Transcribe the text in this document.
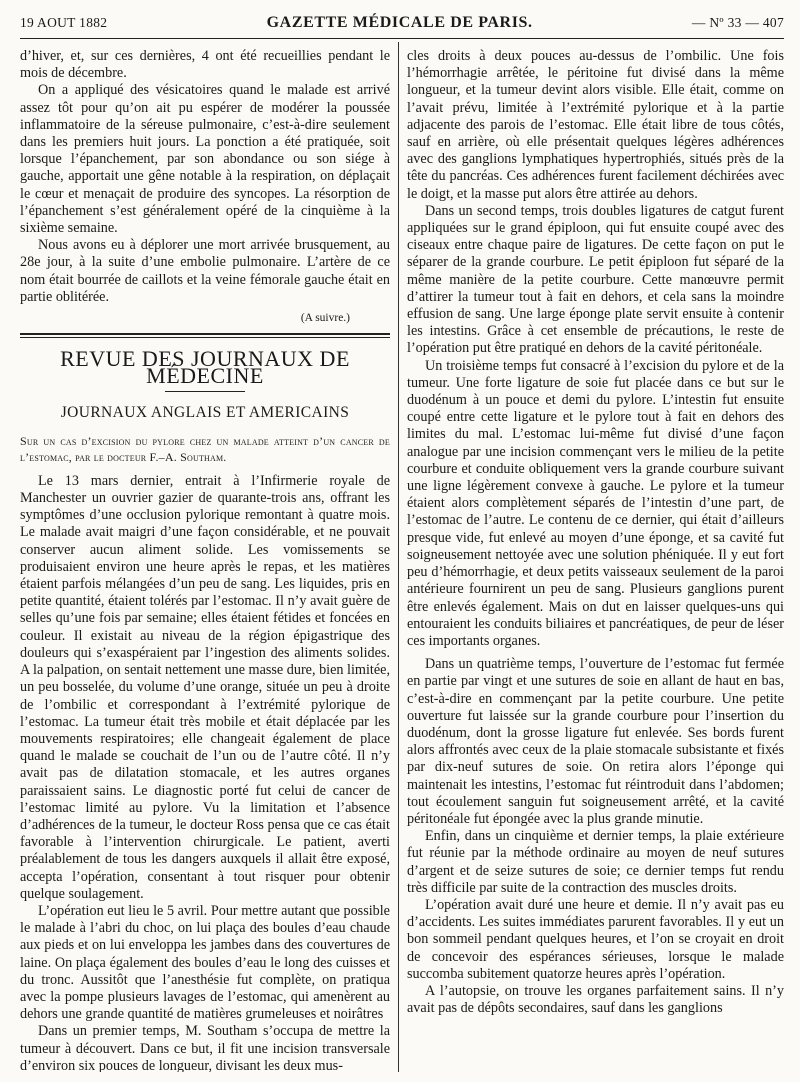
19 AOUT 1882	GAZETTE MÉDICALE DE PARIS.	— Nº 33 — 407

d’hiver, et, sur ces dernières, 4 ont été recueillies pendant le mois de décembre.

On a appliqué des vésicatoires quand le malade est arrivé assez tôt pour qu’on ait pu espérer de modérer la poussée inflammatoire de la séreuse pulmonaire, c’est-à-dire seulement dans les premiers huit jours. La ponction a été pratiquée, soit lorsque l’épanchement, par son abondance ou son siége à gauche, apportait une gêne notable à la respiration, on déplaçait le cœur et menaçait de produire des syncopes. La résorption de l’épanchement s’est généralement opéré de la cinquième à la sixième semaine.

Nous avons eu à déplorer une mort arrivée brusquement, au 28e jour, à la suite d’une embolie pulmonaire. L’artère de ce nom était bourrée de caillots et la veine fémorale gauche était en partie oblitérée.

(A suivre.)
REVUE DES JOURNAUX DE MÉDECINE
JOURNAUX ANGLAIS ET AMERICAINS
Sur un cas d’excision du pylore chez un malade atteint d’un cancer de l’estomac, par le docteur F.–A. Southam.

Le 13 mars dernier, entrait à l’Infirmerie royale de Manchester un ouvrier gazier de quarante-trois ans, offrant les symptômes d’une occlusion pylorique remontant à quatre mois. Le malade avait maigri d’une façon considérable, et ne pouvait conserver aucun aliment solide. Les vomissements se produisaient environ une heure après le repas, et les matières étaient parfois mélangées d’un peu de sang. Les liquides, pris en petite quantité, étaient tolérés par l’estomac. Il n’y avait guère de selles qu’une fois par semaine; elles étaient fétides et foncées en couleur. Il existait au niveau de la région épigastrique des douleurs qui s’exaspéraient par l’ingestion des aliments solides. A la palpation, on sentait nettement une masse dure, bien limitée, un peu bosselée, du volume d’une orange, située un peu à droite de l’ombilic et correspondant à l’extrémité pylorique de l’estomac. La tumeur était très mobile et était déplacée par les mouvements respiratoires; elle changeait également de place quand le malade se couchait de l’un ou de l’autre côté. Il n’y avait pas de dilatation stomacale, et les autres organes paraissaient sains. Le diagnostic porté fut celui de cancer de l’estomac limité au pylore. Vu la limitation et l’absence d’adhérences de la tumeur, le docteur Ross pensa que ce cas était favorable à l’intervention chirurgicale. Le patient, averti préalablement de tous les dangers auxquels il allait être exposé, accepta l’opération, consentant à tout risquer pour obtenir quelque soulagement.

L’opération eut lieu le 5 avril. Pour mettre autant que possible le malade à l’abri du choc, on lui plaça des boules d’eau chaude aux pieds et on lui enveloppa les jambes dans des couvertures de laine. On plaça également des boules d’eau le long des cuisses et du tronc. Aussitôt que l’anesthésie fut complète, on pratiqua avec la pompe plusieurs lavages de l’estomac, qui amenèrent au dehors une grande quantité de matières grumeleuses et noirâtres

Dans un premier temps, M. Southam s’occupa de mettre la tumeur à découvert. Dans ce but, il fit une incision transversale d’environ six pouces de longueur, divisant les deux mus-

cles droits à deux pouces au-dessus de l’ombilic. Une fois l’hémorrhagie arrêtée, le péritoine fut divisé dans la même longueur, et la tumeur devint alors visible. Elle était, comme on l’avait prévu, limitée à l’extrémité pylorique et à la partie adjacente des parois de l’estomac. Elle était libre de tous côtés, sauf en arrière, où elle présentait quelques légères adhérences avec des ganglions lymphatiques hypertrophiés, situés près de la tête du pancréas. Ces adhérences furent facilement déchirées avec le doigt, et la masse put alors être attirée au dehors.

Dans un second temps, trois doubles ligatures de catgut furent appliquées sur le grand épiploon, qui fut ensuite coupé avec des ciseaux entre chaque paire de ligatures. De cette façon on put le séparer de la grande courbure. Le petit épiploon fut séparé de la même manière de la petite courbure. Cette manœuvre permit d’attirer la tumeur tout à fait en dehors, et cela sans la moindre effusion de sang. Une large éponge plate servit ensuite à contenir les intestins. Grâce à cet ensemble de précautions, le reste de l’opération put être pratiqué en dehors de la cavité péritonéale.

Un troisième temps fut consacré à l’excision du pylore et de la tumeur. Une forte ligature de soie fut placée dans ce but sur le duodénum à un pouce et demi du pylore. L’intestin fut ensuite coupé entre cette ligature et le pylore tout à fait en dehors des limites du mal. L’estomac lui-même fut divisé d’une façon analogue par une incision commençant vers le milieu de la petite courbure et conduite obliquement vers la grande courbure suivant une ligne légèrement convexe à gauche. Le pylore et la tumeur étaient alors complètement séparés de l’intestin d’une part, de l’estomac de l’autre. Le contenu de ce dernier, qui était d’ailleurs presque vide, fut enlevé au moyen d’une éponge, et sa cavité fut soigneusement nettoyée avec une solution phéniquée. Il y eut fort peu d’hémorrhagie, et deux petits vaisseaux seulement de la paroi antérieure fournirent un peu de sang. Plusieurs ganglions purent être enlevés également. Mais on dut en laisser quelques-uns qui entouraient les conduits biliaires et pancréatiques, de peur de léser ces importants organes.

Dans un quatrième temps, l’ouverture de l’estomac fut fermée en partie par vingt et une sutures de soie en allant de haut en bas, c’est-à-dire en commençant par la petite courbure. Une petite ouverture fut laissée sur la grande courbure pour l’insertion du duodénum, dont la grosse ligature fut enlevée. Ses bords furent alors affrontés avec ceux de la plaie stomacale subsistante et fixés par dix-neuf sutures de soie. On retira alors l’éponge qui maintenait les intestins, l’estomac fut réintroduit dans l’abdomen; tout écoulement sanguin fut soigneusement arrêté, et la cavité péritonéale fut épongée avec la plus grande minutie.

Enfin, dans un cinquième et dernier temps, la plaie extérieure fut réunie par la méthode ordinaire au moyen de neuf sutures d’argent et de seize sutures de soie; ce dernier temps fut rendu très difficile par suite de la contraction des muscles droits.

L’opération avait duré une heure et demie. Il n’y avait pas eu d’accidents. Les suites immédiates parurent favorables. Il y eut un bon sommeil pendant quelques heures, et l’on se croyait en droit de concevoir des espérances sérieuses, lorsque le malade succomba subitement quatorze heures après l’opération.

A l’autopsie, on trouve les organes parfaitement sains. Il n’y avait pas de dépôts secondaires, sauf dans les ganglions
